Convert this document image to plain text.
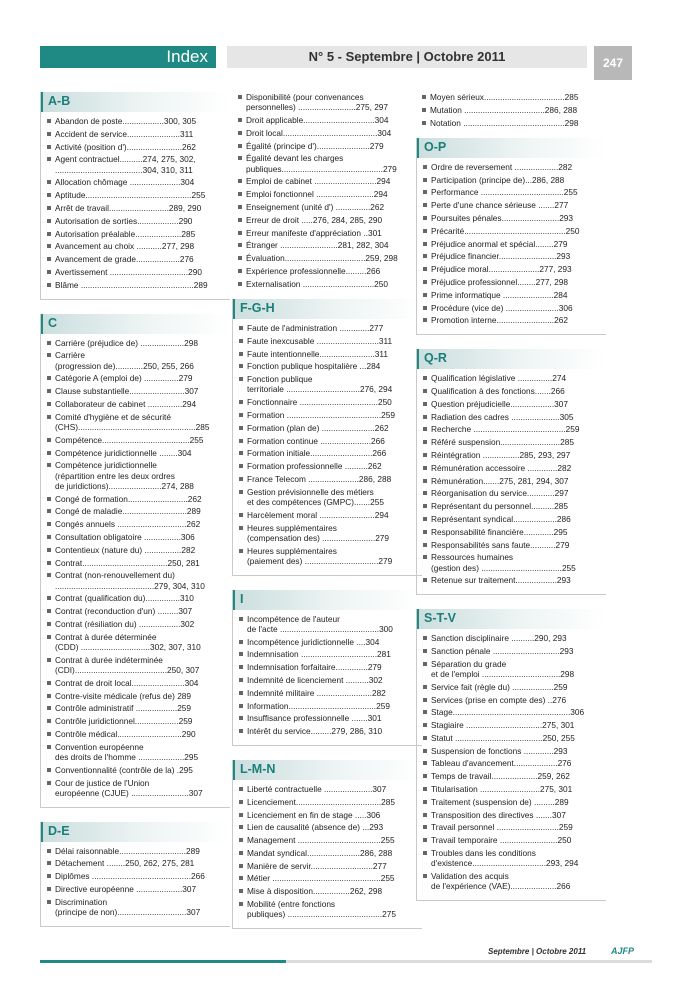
Index	N° 5 - Septembre | Octobre 2011	247
A-B
Abandon de poste..................300, 305
Accident de service.......................311
Activité (position d')........................262
Agent contractuel..........274, 275, 302,
......................................304, 310, 311
Allocation chômage ......................304
Aptitude..............................................255
Arrêt de travail..........................289, 290
Autorisation de sorties..................290
Autorisation préalable....................285
Avancement au choix ...........277, 298
Avancement de grade...................276
Avertissement ..................................290
Blâme .................................................289
C
Carrière (préjudice de) ...................298
Carrière
(progression de)............250, 255, 266
Catégorie A (emploi de) ...............279
Clause substantielle........................307
Collaborateur de cabinet ...............294
Comité d'hygiène et de sécurité
(CHS)...................................................285
Compétence......................................255
Compétence juridictionnelle ........304
Compétence juridictionnelle
(répartition entre les deux ordres
de juridictions).......................274, 288
Congé de formation..........................262
Congé de maladie............................289
Congés annuels ..............................262
Consultation obligatoire ................306
Contentieux (nature du) ................282
Contrat.....................................250, 281
Contrat (non-renouvellement du)
...........................................279, 304, 310
Contrat (qualification du)...............310
Contrat (reconduction d'un) .........307
Contrat (résiliation du) ..................302
Contrat à durée déterminée
(CDD) ..............................302, 307, 310
Contrat à durée indéterminée
(CDI)........................................250, 307
Contrat de droit local.......................304
Contre-visite médicale (refus de) 289
Contrôle administratif ..................259
Contrôle juridictionnel...................259
Contrôle médical............................290
Convention européenne
des droits de l'homme ....................295
Conventionnalité (contrôle de la) .295
Cour de justice de l'Union
européenne (CJUE) .........................307
D-E
Délai raisonnable.............................289
Détachement ........250, 262, 275, 281
Diplômes ...........................................266
Directive européenne ....................307
Discrimination
(principe de non)..............................307
Disponibilité (pour convenances
personnelles) .........................275, 297
Droit applicable...............................304
Droit local.........................................304
Égalité (principe d').......................279
Égalité devant les charges
publiques............................................279
Emploi de cabinet ...........................294
Emploi fonctionnel .........................294
Enseignement (unité d') ...............262
Erreur de droit .....276, 284, 285, 290
Erreur manifeste d'appréciation ..301
Étranger .........................281, 282, 304
Évaluation...................................259, 298
Expérience professionnelle.........266
Externalisation ...............................250
F-G-H
Faute de l'administration .............277
Faute inexcusable ...........................311
Faute intentionnelle........................311
Fonction publique hospitalière ...284
Fonction publique
territoriale ................................276, 294
Fonctionnaire ..................................250
Formation .........................................259
Formation (plan de) .......................262
Formation continue ......................266
Formation initiale...........................266
Formation professionnelle ..........262
France Telecom ......................286, 288
Gestion prévisionnelle des métiers
et des compétences (GMPC).......255
Harcèlement moral ........................294
Heures supplémentaires
(compensation des) .......................279
Heures supplémentaires
(paiement des) ................................279
I
Incompétence de l'auteur
de l'acte ...........................................300
Incompétence juridictionnelle ....304
Indemnisation .................................281
Indemnisation forfaitaire..............279
Indemnité de licenciement ..........302
Indemnité militaire ........................282
Information......................................259
Insuffisance professionnelle .......301
Intérêt du service.........279, 286, 310
L-M-N
Liberté contractuelle .....................307
Licenciement.....................................285
Licenciement en fin de stage .....306
Lien de causalité (absence de) ...293
Management ....................................255
Mandat syndical.......................286, 288
Manière de servir...........................277
Métier ...............................................255
Mise à disposition................262, 298
Mobilité (entre fonctions
publiques) .........................................275
Moyen sérieux...................................285
Mutation ...................................286, 288
Notation ............................................298
O-P
Ordre de reversement ...................282
Participation (principe de)...286, 288
Performance ....................................255
Perte d'une chance sérieuse .......277
Poursuites pénales.........................293
Précarité............................................250
Préjudice anormal et spécial........279
Préjudice financier.........................293
Préjudice moral......................277, 293
Préjudice professionnel........277, 298
Prime informatique ......................284
Procédure (vice de) .......................306
Promotion interne.........................262
Q-R
Qualification législative ...............274
Qualification à des fonctions.......266
Question préjudicielle...................307
Radiation des cadres .....................305
Recherche ........................................259
Référé suspension..........................285
Réintégration ................285, 293, 297
Rémunération accessoire .............282
Rémunération.......275, 281, 294, 307
Réorganisation du service............297
Représentant du personnel..........285
Représentant syndical...................286
Responsabilité financière.............295
Responsabilités sans faute...........279
Ressources humaines
(gestion des) ...................................255
Retenue sur traitement..................293
S-T-V
Sanction disciplinaire ..........290, 293
Sanction pénale .............................293
Séparation du grade
et de l'emploi ..................................298
Service fait (règle du) ..................259
Services (prise en compte des) ..276
Stage...................................................306
Stagiaire .................................275, 301
Statut ......................................250, 255
Suspension de fonctions .............293
Tableau d'avancement...................276
Temps de travail....................259, 262
Titularisation ..........................275, 301
Traitement (suspension de) .........289
Transposition des directives .......307
Travail personnel ...........................259
Travail temporaire .........................250
Troubles dans les conditions
d'existence................................293, 294
Validation des acquis
de l'expérience (VAE)....................266
Septembre | Octobre 2011	AJFP
